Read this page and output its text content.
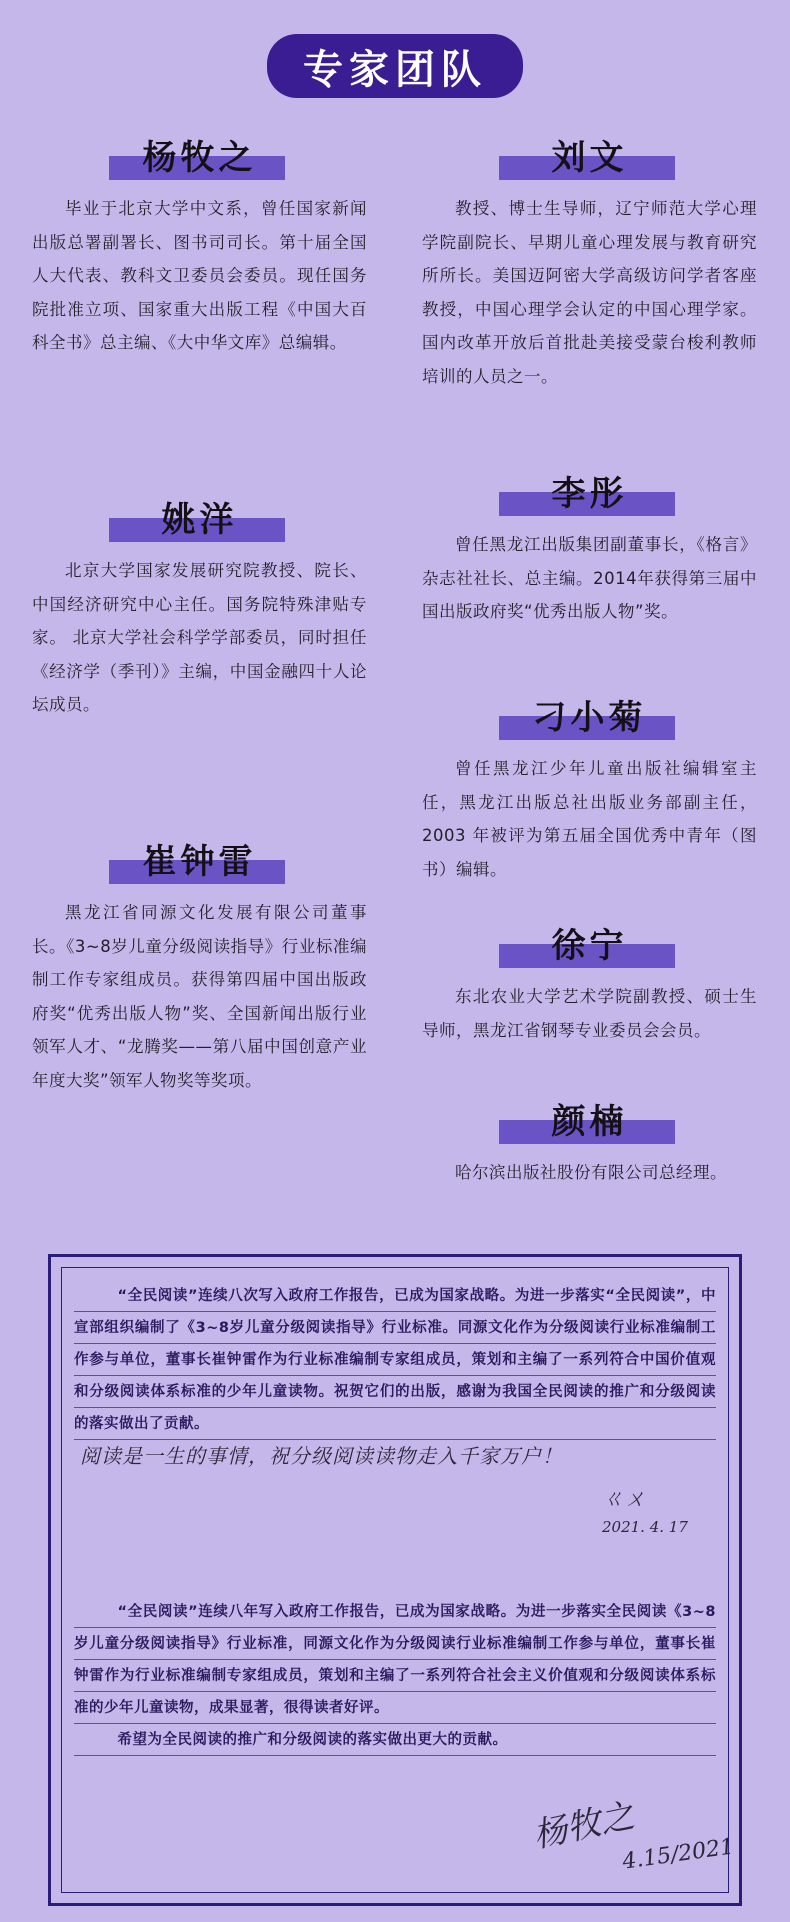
专家团队
杨牧之

毕业于北京大学中文系，曾任国家新闻出版总署副署长、图书司司长。第十届全国人大代表、教科文卫委员会委员。现任国务院批准立项、国家重大出版工程《中国大百科全书》总主编、《大中华文库》总编辑。

姚洋

北京大学国家发展研究院教授、院长、中国经济研究中心主任。国务院特殊津贴专家。 北京大学社会科学学部委员，同时担任《经济学（季刊）》主编，中国金融四十人论坛成员。

崔钟雷

黑龙江省同源文化发展有限公司董事长。《3~8岁儿童分级阅读指导》行业标准编制工作专家组成员。获得第四届中国出版政府奖“优秀出版人物”奖、全国新闻出版行业领军人才、“龙腾奖——第八届中国创意产业年度大奖”领军人物奖等奖项。

刘文

教授、博士生导师，辽宁师范大学心理学院副院长、早期儿童心理发展与教育研究所所长。美国迈阿密大学高级访问学者客座教授，中国心理学会认定的中国心理学家。国内改革开放后首批赴美接受蒙台梭利教师培训的人员之一。

李彤

曾任黑龙江出版集团副董事长，《格言》杂志社社长、总主编。2014年获得第三届中国出版政府奖“优秀出版人物”奖。

刁小菊

曾任黑龙江少年儿童出版社编辑室主任，黑龙江出版总社出版业务部副主任，2003 年被评为第五届全国优秀中青年（图书）编辑。

徐宁

东北农业大学艺术学院副教授、硕士生导师，黑龙江省钢琴专业委员会会员。

颜楠

哈尔滨出版社股份有限公司总经理。

“全民阅读”连续八次写入政府工作报告，已成为国家战略。为进一步落实“全民阅读”，中宣部组织编制了《3~8岁儿童分级阅读指导》行业标准。同源文化作为分级阅读行业标准编制工作参与单位，董事长崔钟雷作为行业标准编制专家组成员，策划和主编了一系列符合中国价值观和分级阅读体系标准的少年儿童读物。祝贺它们的出版，感谢为我国全民阅读的推广和分级阅读的落实做出了贡献。

阅读是一生的事情，祝分级阅读读物走入千家万户！
ㄍㄨ
2021. 4. 17

“全民阅读”连续八年写入政府工作报告，已成为国家战略。为进一步落实全民阅读《3~8岁儿童分级阅读指导》行业标准，同源文化作为分级阅读行业标准编制工作参与单位，董事长崔钟雷作为行业标准编制专家组成员，策划和主编了一系列符合社会主义价值观和分级阅读体系标准的少年儿童读物，成果显著，很得读者好评。

希望为全民阅读的推广和分级阅读的落实做出更大的贡献。

杨牧之
4.15/2021
